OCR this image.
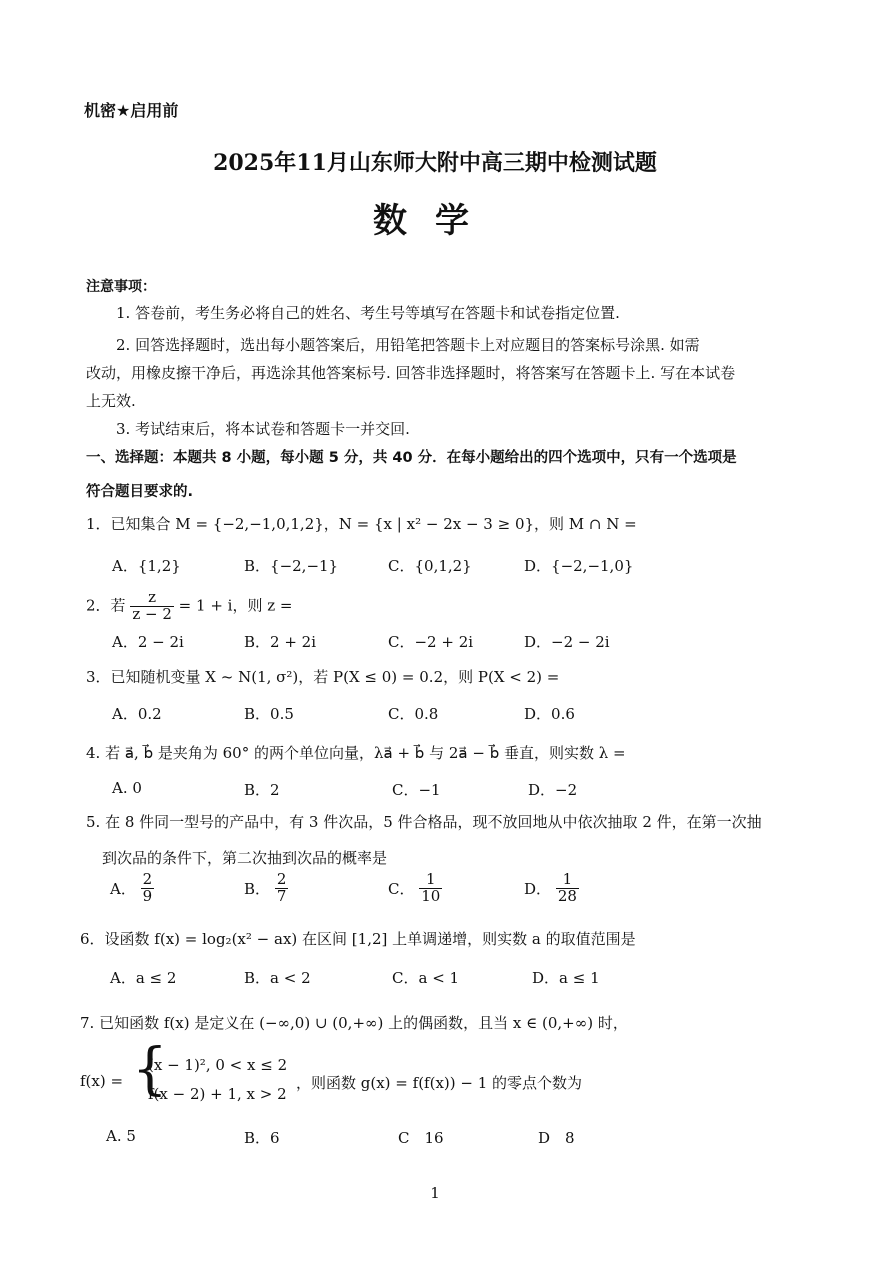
机密★启用前
2025年11月山东师大附中高三期中检测试题
数学
注意事项：
1. 答卷前，考生务必将自己的姓名、考生号等填写在答题卡和试卷指定位置.
2. 回答选择题时，选出每小题答案后，用铅笔把答题卡上对应题目的答案标号涂黑. 如需
改动，用橡皮擦干净后，再选涂其他答案标号. 回答非选择题时，将答案写在答题卡上. 写在本试卷
上无效.
3. 考试结束后，将本试卷和答题卡一并交回.
一、选择题：本题共 8 小题，每小题 5 分，共 40 分．在每小题给出的四个选项中，只有一个选项是
符合题目要求的.
1．已知集合 M = {−2,−1,0,1,2}，N = {x | x² − 2x − 3 ≥ 0}，则 M ∩ N =
A．{1,2}	B．{−2,−1}	C．{0,1,2}	D．{−2,−1,0}
2．若 $\frac{z}{z - 2} = 1 + i$，则 z =
A．2 − 2i	B．2 + 2i	C．−2 + 2i	D．−2 − 2i
3．已知随机变量 X ~ N(1, σ²)，若 P(X ≤ 0) = 0.2，则 P(X < 2) =
A．0.2	B．0.5	C．0.8	D．0.6
4. 若 a⃗, b⃗ 是夹角为 60° 的两个单位向量，λa⃗ + b⃗ 与 2a⃗ − b⃗ 垂直，则实数 λ =
A. 0	B．2	C．−1	D．−2
5. 在 8 件同一型号的产品中，有 3 件次品，5 件合格品，现不放回地从中依次抽取 2 件，在第一次抽
到次品的条件下，第二次抽到次品的概率是
A． $\frac{2}{9}$	B． $\frac{2}{7}$	C． $\frac{1}{10}$	D． $\frac{1}{28}$
6．设函数 f(x) = log₂(x² − ax) 在区间 [1,2] 上单调递增，则实数 a 的取值范围是
A．a ≤ 2	B．a < 2	C．a < 1	D．a ≤ 1
7. 已知函数 f(x) 是定义在 (−∞,0) ∪ (0,+∞) 上的偶函数，且当 x ∈ (0,+∞) 时，
f(x) = {
(x − 1)², 0 < x ≤ 2
f(x − 2) + 1, x > 2
，则函数 g(x) = f(f(x)) − 1 的零点个数为
A. 5	B．6	C　16	D　8
1
